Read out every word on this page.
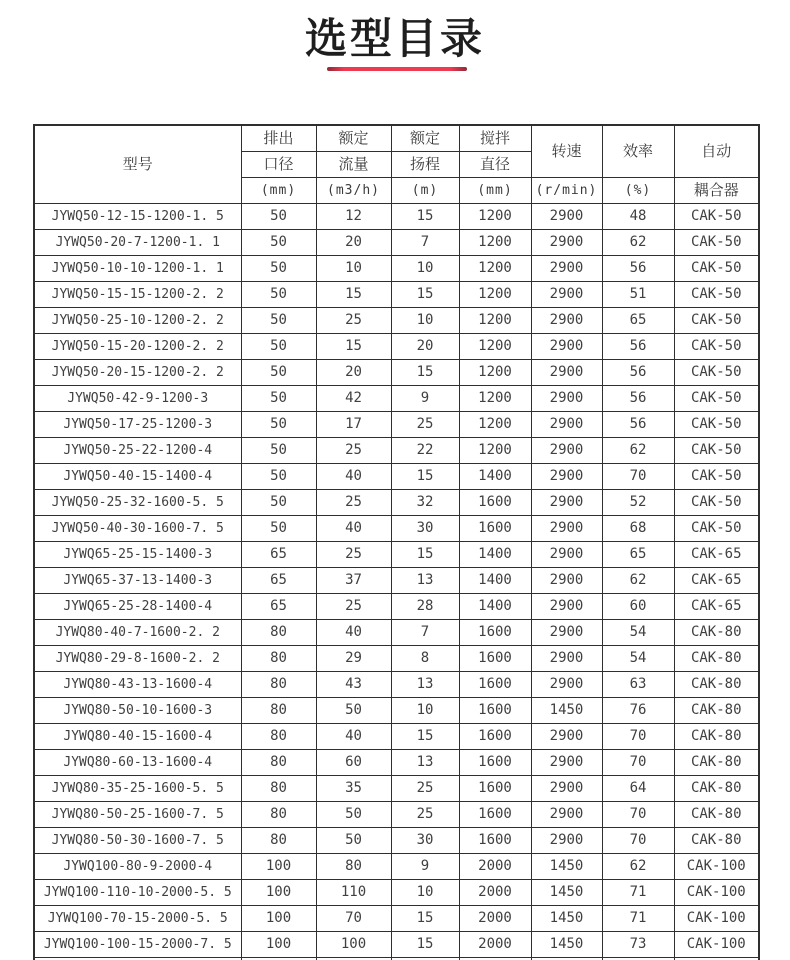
选型目录
型号	排出	额定	额定	搅拌	转速	效率	自动
	口径	流量	扬程	直径			
	(mm)	(m3/h)	(m)	(mm)	(r/min)	(%)	耦合器
JYWQ50-12-15-1200-1. 5	50	12	15	1200	2900	48	CAK-50
JYWQ50-20-7-1200-1. 1	50	20	7	1200	2900	62	CAK-50
JYWQ50-10-10-1200-1. 1	50	10	10	1200	2900	56	CAK-50
JYWQ50-15-15-1200-2. 2	50	15	15	1200	2900	51	CAK-50
JYWQ50-25-10-1200-2. 2	50	25	10	1200	2900	65	CAK-50
JYWQ50-15-20-1200-2. 2	50	15	20	1200	2900	56	CAK-50
JYWQ50-20-15-1200-2. 2	50	20	15	1200	2900	56	CAK-50
JYWQ50-42-9-1200-3	50	42	9	1200	2900	56	CAK-50
JYWQ50-17-25-1200-3	50	17	25	1200	2900	56	CAK-50
JYWQ50-25-22-1200-4	50	25	22	1200	2900	62	CAK-50
JYWQ50-40-15-1400-4	50	40	15	1400	2900	70	CAK-50
JYWQ50-25-32-1600-5. 5	50	25	32	1600	2900	52	CAK-50
JYWQ50-40-30-1600-7. 5	50	40	30	1600	2900	68	CAK-50
JYWQ65-25-15-1400-3	65	25	15	1400	2900	65	CAK-65
JYWQ65-37-13-1400-3	65	37	13	1400	2900	62	CAK-65
JYWQ65-25-28-1400-4	65	25	28	1400	2900	60	CAK-65
JYWQ80-40-7-1600-2. 2	80	40	7	1600	2900	54	CAK-80
JYWQ80-29-8-1600-2. 2	80	29	8	1600	2900	54	CAK-80
JYWQ80-43-13-1600-4	80	43	13	1600	2900	63	CAK-80
JYWQ80-50-10-1600-3	80	50	10	1600	1450	76	CAK-80
JYWQ80-40-15-1600-4	80	40	15	1600	2900	70	CAK-80
JYWQ80-60-13-1600-4	80	60	13	1600	2900	70	CAK-80
JYWQ80-35-25-1600-5. 5	80	35	25	1600	2900	64	CAK-80
JYWQ80-50-25-1600-7. 5	80	50	25	1600	2900	70	CAK-80
JYWQ80-50-30-1600-7. 5	80	50	30	1600	2900	70	CAK-80
JYWQ100-80-9-2000-4	100	80	9	2000	1450	62	CAK-100
JYWQ100-110-10-2000-5. 5	100	110	10	2000	1450	71	CAK-100
JYWQ100-70-15-2000-5. 5	100	70	15	2000	1450	71	CAK-100
JYWQ100-100-15-2000-7. 5	100	100	15	2000	1450	73	CAK-100
